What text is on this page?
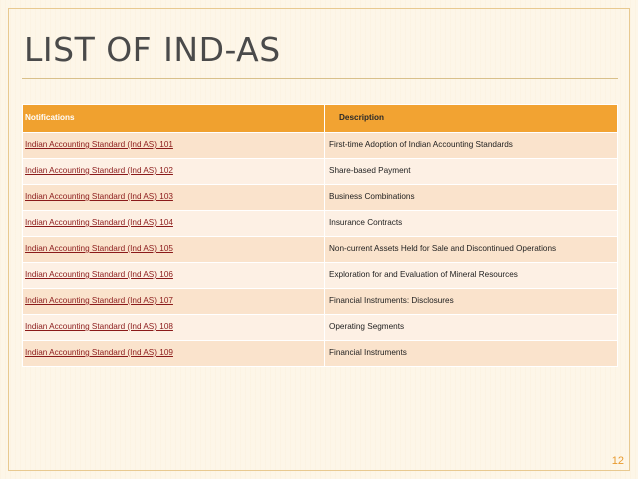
LIST OF IND-AS
Notifications	Description
Indian Accounting Standard (Ind AS) 101	First-time Adoption of Indian Accounting Standards
Indian Accounting Standard (Ind AS) 102	Share-based Payment
Indian Accounting Standard (Ind AS) 103	Business Combinations
Indian Accounting Standard (Ind AS) 104	Insurance Contracts
Indian Accounting Standard (Ind AS) 105	Non-current Assets Held for Sale and Discontinued Operations
Indian Accounting Standard (Ind AS) 106	Exploration for and Evaluation of Mineral Resources
Indian Accounting Standard (Ind AS) 107	Financial Instruments: Disclosures
Indian Accounting Standard (Ind AS) 108	Operating Segments
Indian Accounting Standard (Ind AS) 109	Financial Instruments
12
